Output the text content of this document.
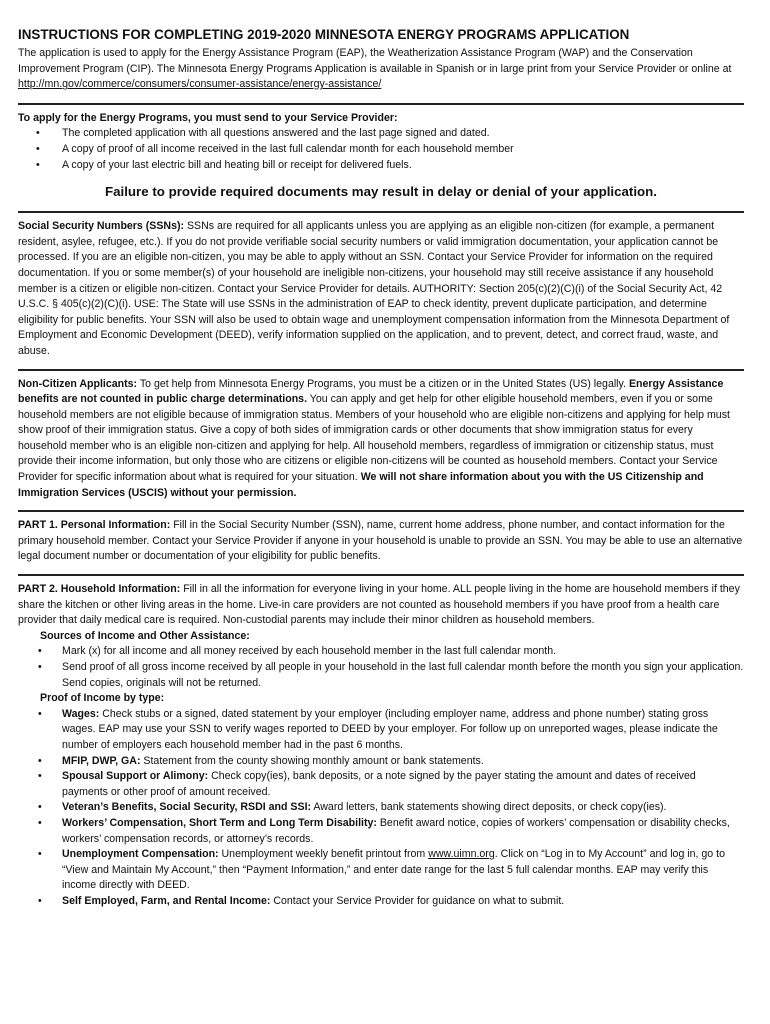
INSTRUCTIONS FOR COMPLETING 2019-2020 MINNESOTA ENERGY PROGRAMS APPLICATION

The application is used to apply for the Energy Assistance Program (EAP), the Weatherization Assistance Program (WAP) and the Conservation Improvement Program (CIP). The Minnesota Energy Programs Application is available in Spanish or in large print from your Service Provider or online at http://mn.gov/commerce/consumers/consumer-assistance/energy-assistance/

To apply for the Energy Programs, you must send to your Service Provider:

• The completed application with all questions answered and the last page signed and dated.
• A copy of proof of all income received in the last full calendar month for each household member
• A copy of your last electric bill and heating bill or receipt for delivered fuels.

Failure to provide required documents may result in delay or denial of your application.

Social Security Numbers (SSNs): SSNs are required for all applicants unless you are applying as an eligible non-citizen (for example, a permanent resident, asylee, refugee, etc.). If you do not provide verifiable social security numbers or valid immigration documentation, your application cannot be processed. If you are an eligible non-citizen, you may be able to apply without an SSN. Contact your Service Provider for information on the required documentation. If you or some member(s) of your household are ineligible non-citizens, your household may still receive assistance if any household member is a citizen or eligible non-citizen. Contact your Service Provider for details. AUTHORITY: Section 205(c)(2)(C)(i) of the Social Security Act, 42 U.S.C. § 405(c)(2)(C)(i). USE: The State will use SSNs in the administration of EAP to check identity, prevent duplicate participation, and determine eligibility for public benefits. Your SSN will also be used to obtain wage and unemployment compensation information from the Minnesota Department of Employment and Economic Development (DEED), verify information supplied on the application, and to prevent, detect, and correct fraud, waste, and abuse.

Non-Citizen Applicants: To get help from Minnesota Energy Programs, you must be a citizen or in the United States (US) legally. Energy Assistance benefits are not counted in public charge determinations. You can apply and get help for other eligible household members, even if you or some household members are not eligible because of immigration status. Members of your household who are eligible non-citizens and applying for help must show proof of their immigration status. Give a copy of both sides of immigration cards or other documents that show immigration status for every household member who is an eligible non-citizen and applying for help. All household members, regardless of immigration or citizenship status, must provide their income information, but only those who are citizens or eligible non-citizens will be counted as household members. Contact your Service Provider for specific information about what is required for your situation. We will not share information about you with the US Citizenship and Immigration Services (USCIS) without your permission.

PART 1. Personal Information: Fill in the Social Security Number (SSN), name, current home address, phone number, and contact information for the primary household member. Contact your Service Provider if anyone in your household is unable to provide an SSN. You may be able to use an alternative legal document number or documentation of your eligibility for public benefits.

PART 2. Household Information: Fill in all the information for everyone living in your home. ALL people living in the home are household members if they share the kitchen or other living areas in the home. Live-in care providers are not counted as household members if you have proof from a health care provider that daily medical care is required. Non-custodial parents may include their minor children as household members.

Sources of Income and Other Assistance:

• Mark (x) for all income and all money received by each household member in the last full calendar month.
• Send proof of all gross income received by all people in your household in the last full calendar month before the month you sign your application. Send copies, originals will not be returned.

Proof of Income by type:

• Wages: Check stubs or a signed, dated statement by your employer (including employer name, address and phone number) stating gross wages. EAP may use your SSN to verify wages reported to DEED by your employer. For follow up on unreported wages, please indicate the number of employers each household member had in the past 6 months.
• MFIP, DWP, GA: Statement from the county showing monthly amount or bank statements.
• Spousal Support or Alimony: Check copy(ies), bank deposits, or a note signed by the payer stating the amount and dates of received payments or other proof of amount received.
• Veteran’s Benefits, Social Security, RSDI and SSI: Award letters, bank statements showing direct deposits, or check copy(ies).
• Workers’ Compensation, Short Term and Long Term Disability: Benefit award notice, copies of workers’ compensation or disability checks, workers’ compensation records, or attorney’s records.
• Unemployment Compensation: Unemployment weekly benefit printout from www.uimn.org. Click on “Log in to My Account” and log in, go to “View and Maintain My Account,” then “Payment Information,” and enter date range for the last 5 full calendar months. EAP may verify this income directly with DEED.
• Self Employed, Farm, and Rental Income: Contact your Service Provider for guidance on what to submit.
